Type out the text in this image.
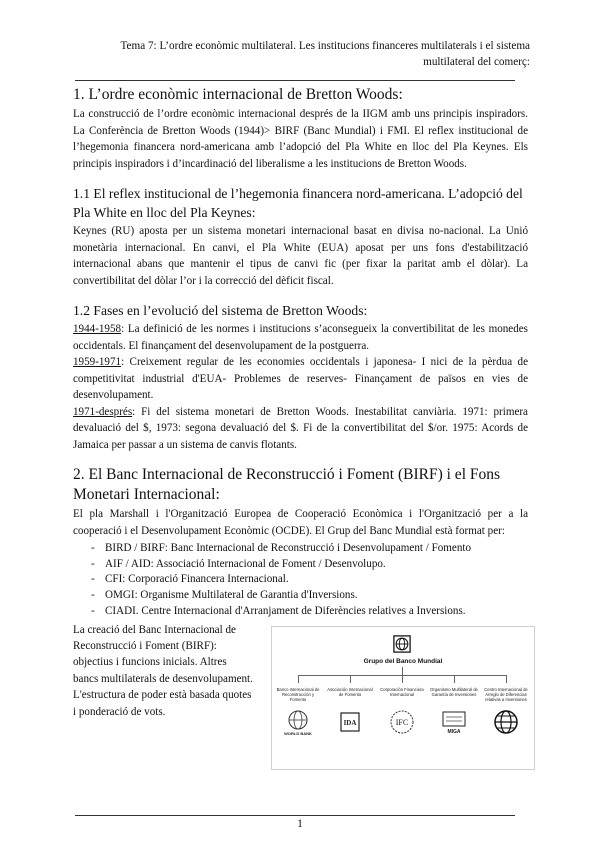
Tema 7: L’ordre econòmic multilateral. Les institucions financeres multilaterals i el sistema
multilateral del comerç:
1. L’ordre econòmic internacional de Bretton Woods:

La construcció de l’ordre econòmic internacional després de la IIGM amb uns principis inspiradors. La Conferència de Bretton Woods (1944)> BIRF (Banc Mundial) i FMI. El reflex institucional de l’hegemonia financera nord-americana amb l’adopció del Pla White en lloc del Pla Keynes. Els principis inspiradors i d’incardinació del liberalisme a les institucions de Bretton Woods.

1.1 El reflex institucional de l’hegemonia financera nord-americana. L’adopció del Pla White en lloc del Pla Keynes:

Keynes (RU) aposta per un sistema monetari internacional basat en divisa no-nacional. La Unió monetària internacional. En canvi, el Pla White (EUA) aposat per uns fons d'estabilització internacional abans que mantenir el tipus de canvi fic (per fixar la paritat amb el dòlar). La convertibilitat del dòlar l’or i la correcció del dèficit fiscal.

1.2 Fases en l’evolució del sistema de Bretton Woods:

1944-1958: La definició de les normes i institucions s’aconsegueix la convertibilitat de les monedes occidentals. El finançament del desenvolupament de la postguerra.

1959-1971: Creixement regular de les economies occidentals i japonesa- I nici de la pèrdua de competitivitat industrial d'EUA- Problemes de reserves- Finançament de països en vies de desenvolupament.

1971-després: Fi del sistema monetari de Bretton Woods. Inestabilitat canviària. 1971: primera devaluació del $, 1973: segona devaluació del $. Fi de la convertibilitat del $/or. 1975: Acords de Jamaica per passar a un sistema de canvis flotants.

2. El Banc Internacional de Reconstrucció i Foment (BIRF) i el Fons Monetari Internacional:

El pla Marshall i l'Organització Europea de Cooperació Econòmica i l'Organització per a la cooperació i el Desenvolupament Econòmic (OCDE). El Grup del Banc Mundial està format per:

- BIRD / BIRF: Banc Internacional de Reconstrucció i Desenvolupament / Fomento
- AIF / AID: Associació Internacional de Foment / Desenvolupo.
- CFI: Corporació Financera Internacional.
- OMGI: Organisme Multilateral de Garantia d'Inversions.
- CIADI. Centre Internacional d'Arranjament de Diferències relatives a Inversions.
La creació del Banc Internacional de Reconstrucció i Foment (BIRF): objectius i funcions inicials. Altres bancs multilaterals de desenvolupament. L'estructura de poder està basada quotes i ponderació de vots.
Grupo del Banco Mundial
Banco Internacional de Reconstrucción y Fomento
WORLD BANK
Asociación Internacional de Fomento
IDA
Corporación Financiera Internacional
IFC
Organismo Multilateral de Garantía de Inversiones
MIGA
Centro Internacional de Arreglo de Diferencias relativas a Inversiones
1
